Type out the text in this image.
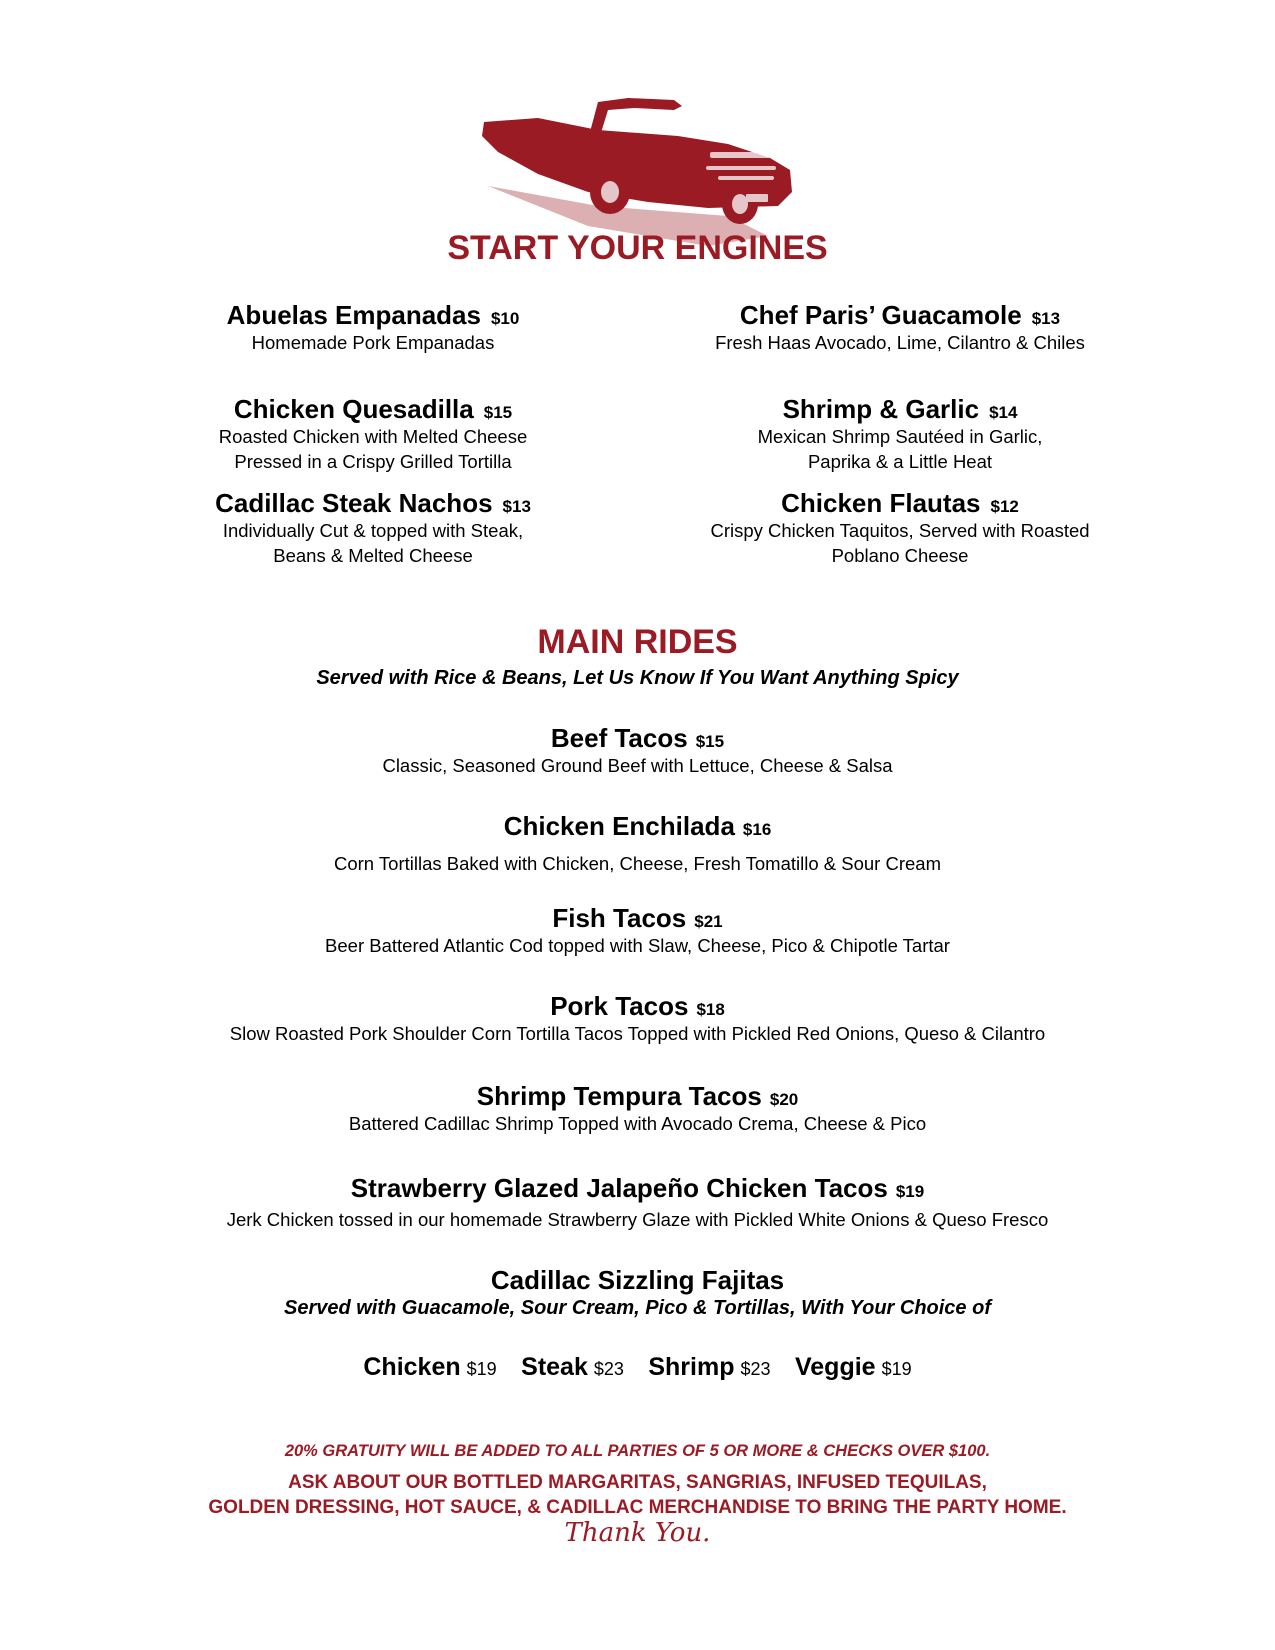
START YOUR ENGINES
Abuelas Empanadas $10
Homemade Pork Empanadas
Chicken Quesadilla $15
Roasted Chicken with Melted Cheese
Pressed in a Crispy Grilled Tortilla
Cadillac Steak Nachos $13
Individually Cut & topped with Steak,
Beans & Melted Cheese
Chef Paris’ Guacamole $13
Fresh Haas Avocado, Lime, Cilantro & Chiles
Shrimp & Garlic $14
Mexican Shrimp Sautéed in Garlic,
Paprika & a Little Heat
Chicken Flautas $12
Crispy Chicken Taquitos, Served with Roasted
Poblano Cheese
MAIN RIDES
Served with Rice & Beans, Let Us Know If You Want Anything Spicy
Beef Tacos $15
Classic, Seasoned Ground Beef with Lettuce, Cheese & Salsa
Chicken Enchilada $16
Corn Tortillas Baked with Chicken, Cheese, Fresh Tomatillo & Sour Cream
Fish Tacos $21
Beer Battered Atlantic Cod topped with Slaw, Cheese, Pico & Chipotle Tartar
Pork Tacos $18
Slow Roasted Pork Shoulder Corn Tortilla Tacos Topped with Pickled Red Onions, Queso & Cilantro
Shrimp Tempura Tacos $20
Battered Cadillac Shrimp Topped with Avocado Crema, Cheese & Pico
Strawberry Glazed Jalapeño Chicken Tacos $19
Jerk Chicken tossed in our homemade Strawberry Glaze with Pickled White Onions & Queso Fresco
Cadillac Sizzling Fajitas
Served with Guacamole, Sour Cream, Pico & Tortillas, With Your Choice of
Chicken $19 Steak $23 Shrimp $23 Veggie $19
20% GRATUITY WILL BE ADDED TO ALL PARTIES OF 5 OR MORE & CHECKS OVER $100.
ASK ABOUT OUR BOTTLED MARGARITAS, SANGRIAS, INFUSED TEQUILAS,
GOLDEN DRESSING, HOT SAUCE, & CADILLAC MERCHANDISE TO BRING THE PARTY HOME.
Thank You.
